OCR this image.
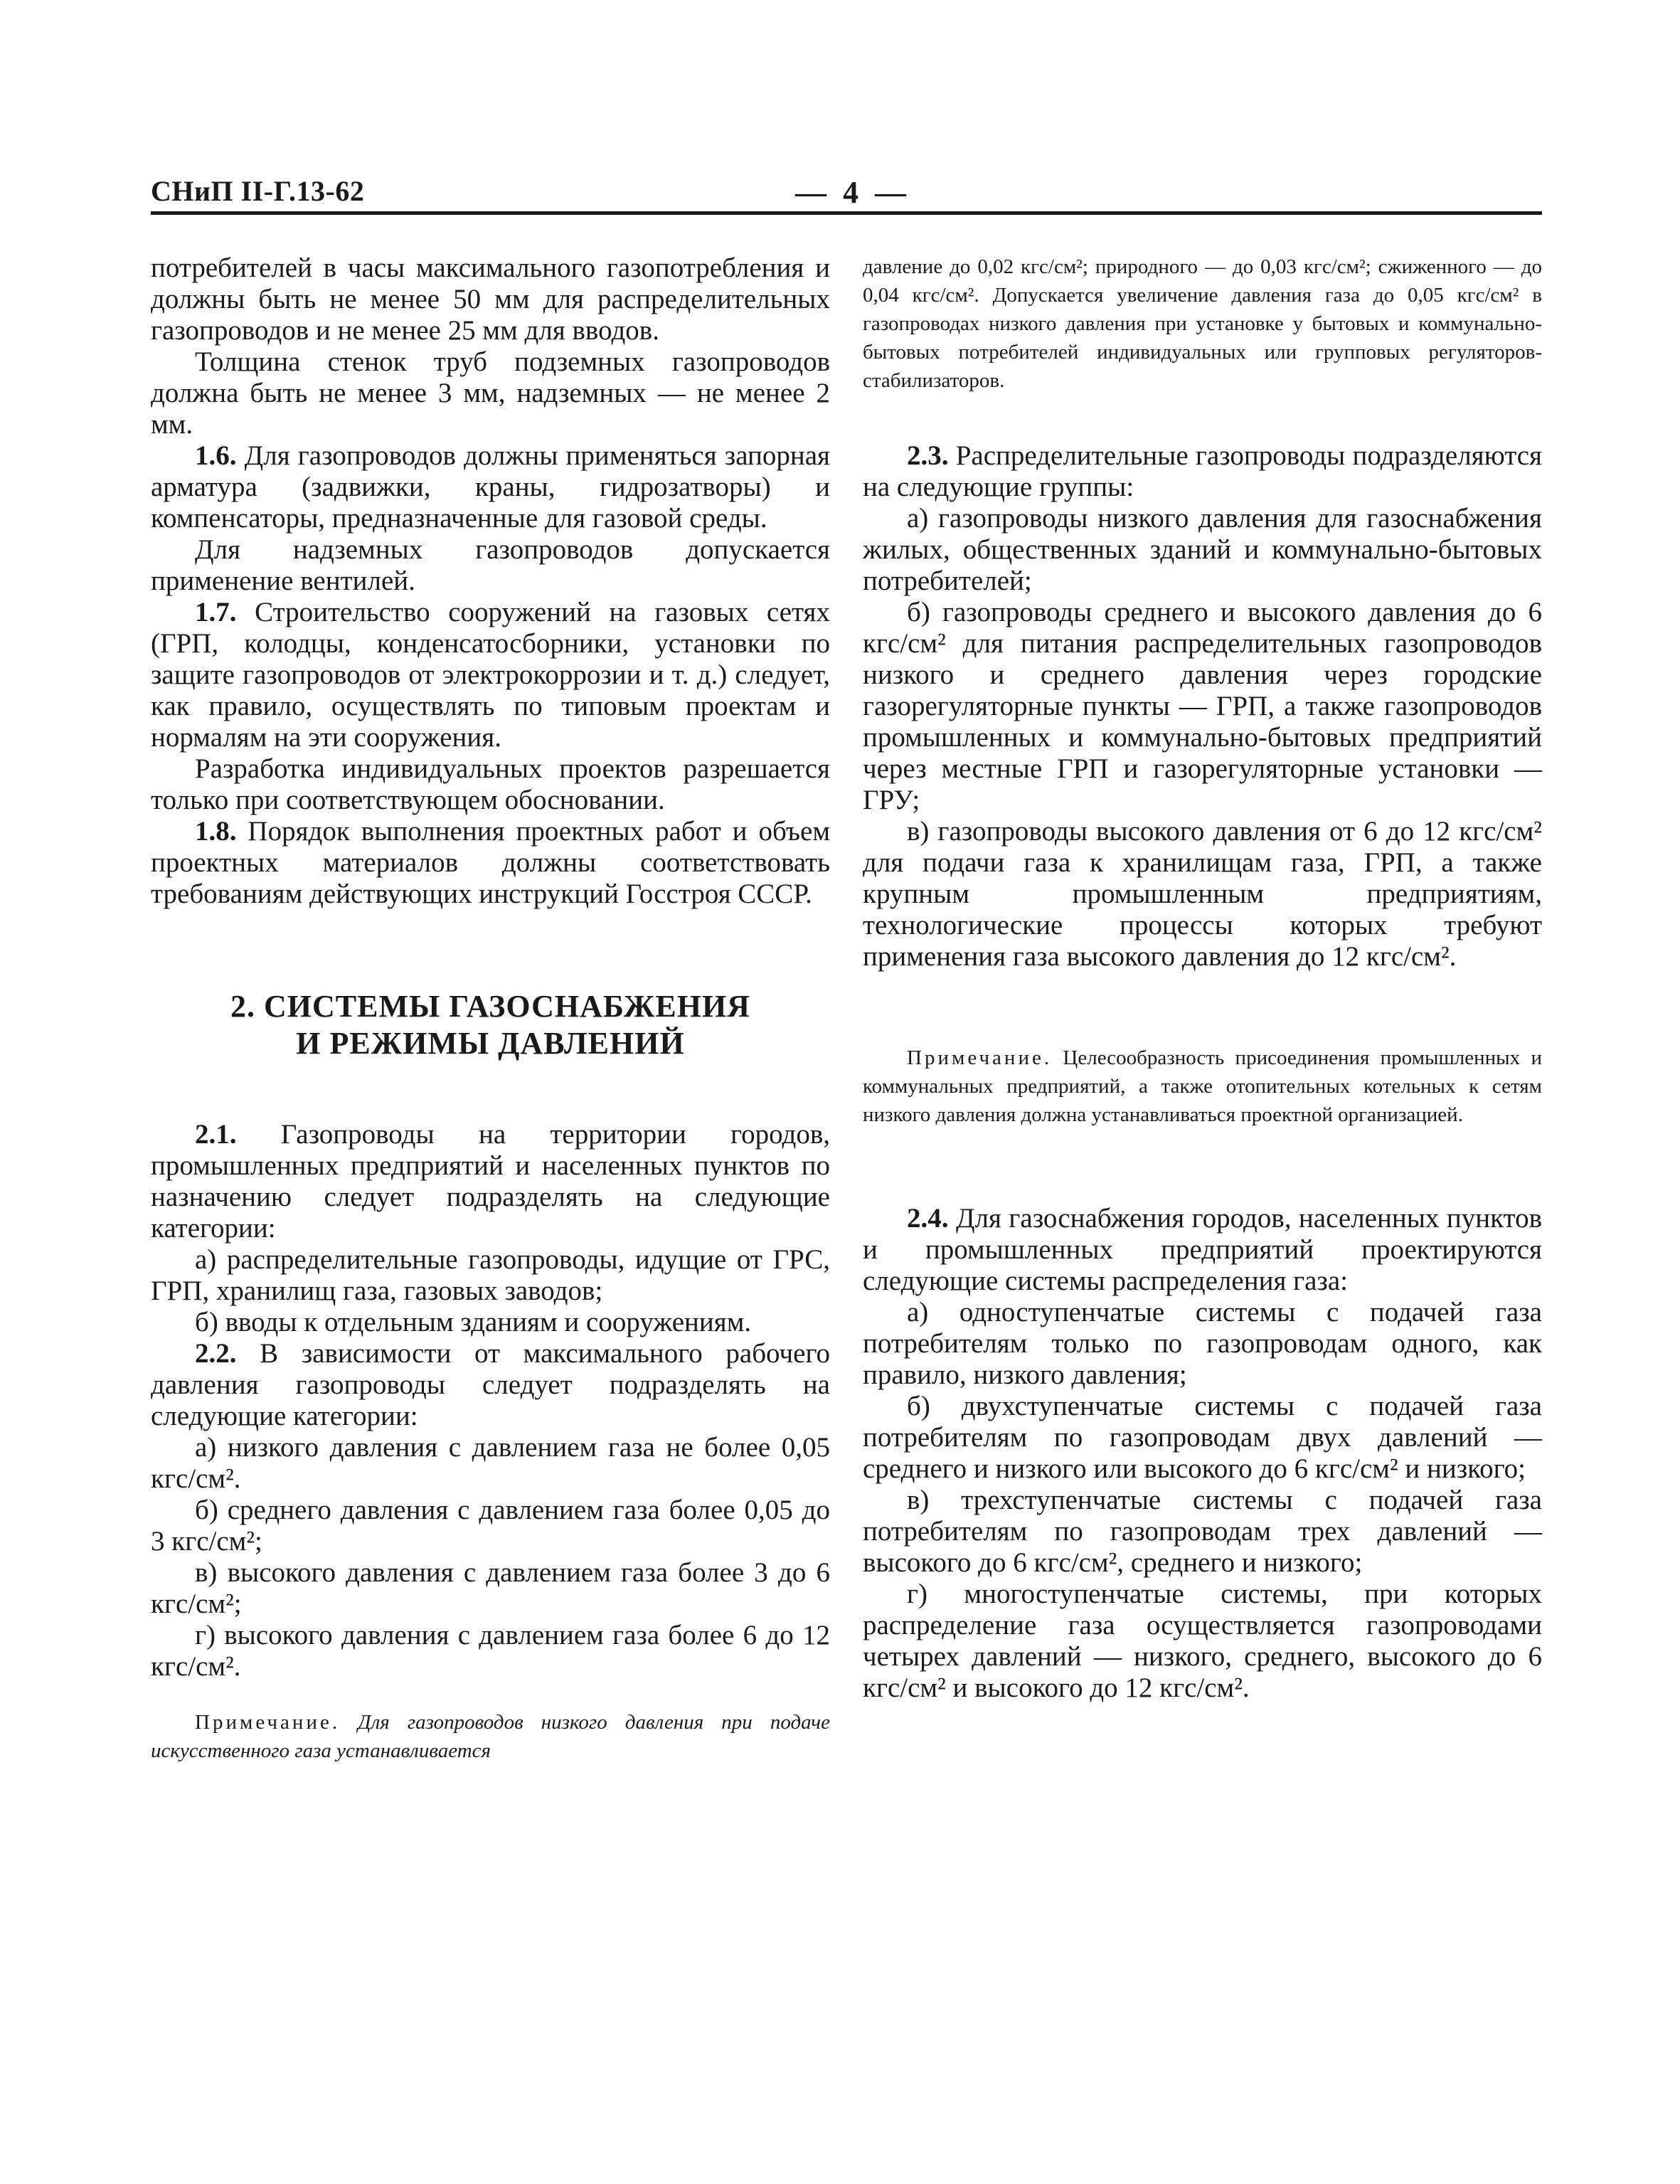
СНиП II-Г.13-62	— 4 —

потребителей в часы максимального газопотребления и должны быть не менее 50 мм для распределительных газопроводов и не менее 25 мм для вводов.

Толщина стенок труб подземных газопроводов должна быть не менее 3 мм, надземных — не менее 2 мм.

1.6. Для газопроводов должны применяться запорная арматура (задвижки, краны, гидрозатворы) и компенсаторы, предназначенные для газовой среды.

Для надземных газопроводов допускается применение вентилей.

1.7. Строительство сооружений на газовых сетях (ГРП, колодцы, конденсатосборники, установки по защите газопроводов от электрокоррозии и т. д.) следует, как правило, осуществлять по типовым проектам и нормалям на эти сооружения.

Разработка индивидуальных проектов разрешается только при соответствующем обосновании.

1.8. Порядок выполнения проектных работ и объем проектных материалов должны соответствовать требованиям действующих инструкций Госстроя СССР.

2. СИСТЕМЫ ГАЗОСНАБЖЕНИЯ
И РЕЖИМЫ ДАВЛЕНИЙ

2.1. Газопроводы на территории городов, промышленных предприятий и населенных пунктов по назначению следует подразделять на следующие категории:

а) распределительные газопроводы, идущие от ГРС, ГРП, хранилищ газа, газовых заводов;

б) вводы к отдельным зданиям и сооружениям.

2.2. В зависимости от максимального рабочего давления газопроводы следует подразделять на следующие категории:

а) низкого давления с давлением газа не более 0,05 кгс/см².

б) среднего давления с давлением газа более 0,05 до 3 кгс/см²;

в) высокого давления с давлением газа более 3 до 6 кгс/см²;

г) высокого давления с давлением газа более 6 до 12 кгс/см².

Примечание. Для газопроводов низкого давления при подаче искусственного газа устанавливается

давление до 0,02 кгс/см²; природного — до 0,03 кгс/см²; сжиженного — до 0,04 кгс/см². Допускается увеличение давления газа до 0,05 кгс/см² в газопроводах низкого давления при установке у бытовых и коммунально-бытовых потребителей индивидуальных или групповых регуляторов-стабилизаторов.

2.3. Распределительные газопроводы подразделяются на следующие группы:

а) газопроводы низкого давления для газоснабжения жилых, общественных зданий и коммунально-бытовых потребителей;

б) газопроводы среднего и высокого давления до 6 кгс/см² для питания распределительных газопроводов низкого и среднего давления через городские газорегуляторные пункты — ГРП, а также газопроводов промышленных и коммунально-бытовых предприятий через местные ГРП и газорегуляторные установки — ГРУ;

в) газопроводы высокого давления от 6 до 12 кгс/см² для подачи газа к хранилищам газа, ГРП, а также крупным промышленным предприятиям, технологические процессы которых требуют применения газа высокого давления до 12 кгс/см².

Примечание. Целесообразность присоединения промышленных и коммунальных предприятий, а также отопительных котельных к сетям низкого давления должна устанавливаться проектной организацией.

2.4. Для газоснабжения городов, населенных пунктов и промышленных предприятий проектируются следующие системы распределения газа:

а) одноступенчатые системы с подачей газа потребителям только по газопроводам одного, как правило, низкого давления;

б) двухступенчатые системы с подачей газа потребителям по газопроводам двух давлений — среднего и низкого или высокого до 6 кгс/см² и низкого;

в) трехступенчатые системы с подачей газа потребителям по газопроводам трех давлений — высокого до 6 кгс/см², среднего и низкого;

г) многоступенчатые системы, при которых распределение газа осуществляется газопроводами четырех давлений — низкого, среднего, высокого до 6 кгс/см² и высокого до 12 кгс/см².
